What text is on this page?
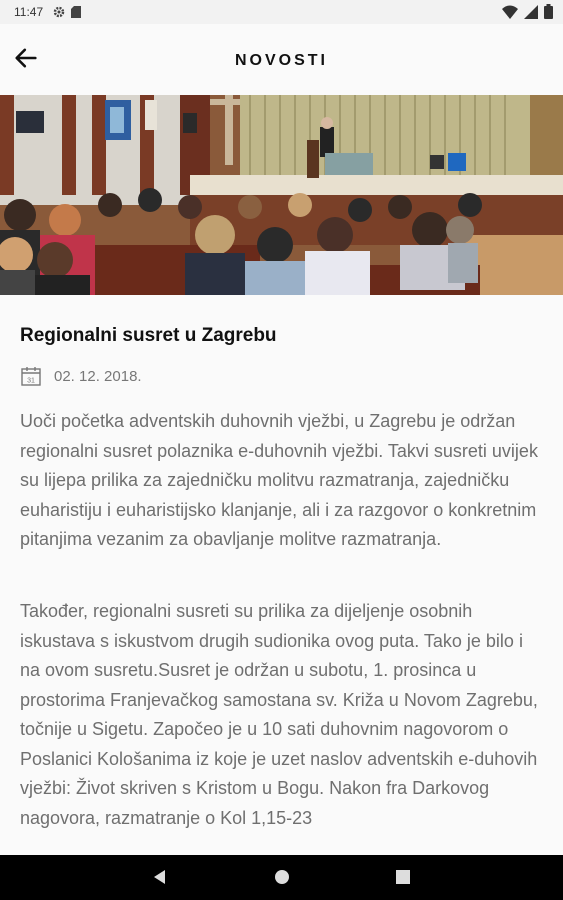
11:47
NOVOSTI
Regionalni susret u Zagrebu
31 02. 12. 2018.

Uoči početka adventskih duhovnih vježbi, u Zagrebu je održan regionalni susret polaznika e-duhovnih vježbi. Takvi susreti uvijek su lijepa prilika za zajedničku molitvu razmatranja, zajedničku euharistiju i euharistijsko klanjanje, ali i za razgovor o konkretnim pitanjima vezanim za obavljanje molitve razmatranja.

Također, regionalni susreti su prilika za dijeljenje osobnih iskustava s iskustvom drugih sudionika ovog puta. Tako je bilo i na ovom susretu.Susret je održan u subotu, 1. prosinca u prostorima Franjevačkog samostana sv. Križa u Novom Zagrebu, točnije u Sigetu. Započeo je u 10 sati duhovnim nagovorom o Poslanici Kološanima iz koje je uzet naslov adventskih e-duhovih vježbi: Život skriven s Kristom u Bogu. Nakon fra Darkovog nagovora, razmatranje o Kol 1,15-23
